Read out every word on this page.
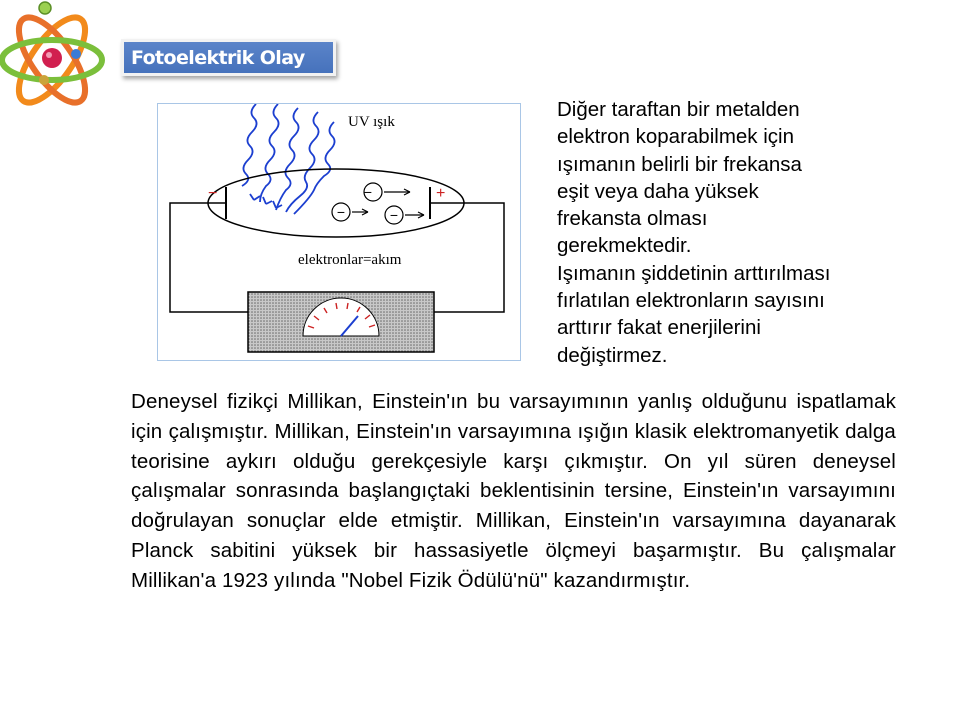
Fotoelektrik Olay
UV ışık
−	+
−
−	−
elektronlar=akım
Diğer taraftan bir metalden
elektron koparabilmek için
ışımanın belirli bir frekansa
eşit veya daha yüksek
frekansta olması
gerekmektedir.
Işımanın şiddetinin arttırılması
fırlatılan elektronların sayısını
arttırır fakat enerjilerini
değiştirmez.
Deneysel fizikçi Millikan, Einstein'ın bu varsayımının yanlış olduğunu ispatlamak için çalışmıştır. Millikan, Einstein'ın varsayımına ışığın klasik elektromanyetik dalga teorisine aykırı olduğu gerekçesiyle karşı çıkmıştır. On yıl süren deneysel çalışmalar sonrasında başlangıçtaki beklentisinin tersine, Einstein'ın varsayımını doğrulayan sonuçlar elde etmiştir. Millikan, Einstein'ın varsayımına dayanarak Planck sabitini yüksek bir hassasiyetle ölçmeyi başarmıştır. Bu çalışmalar Millikan'a 1923 yılında "Nobel Fizik Ödülü'nü" kazandırmıştır.
